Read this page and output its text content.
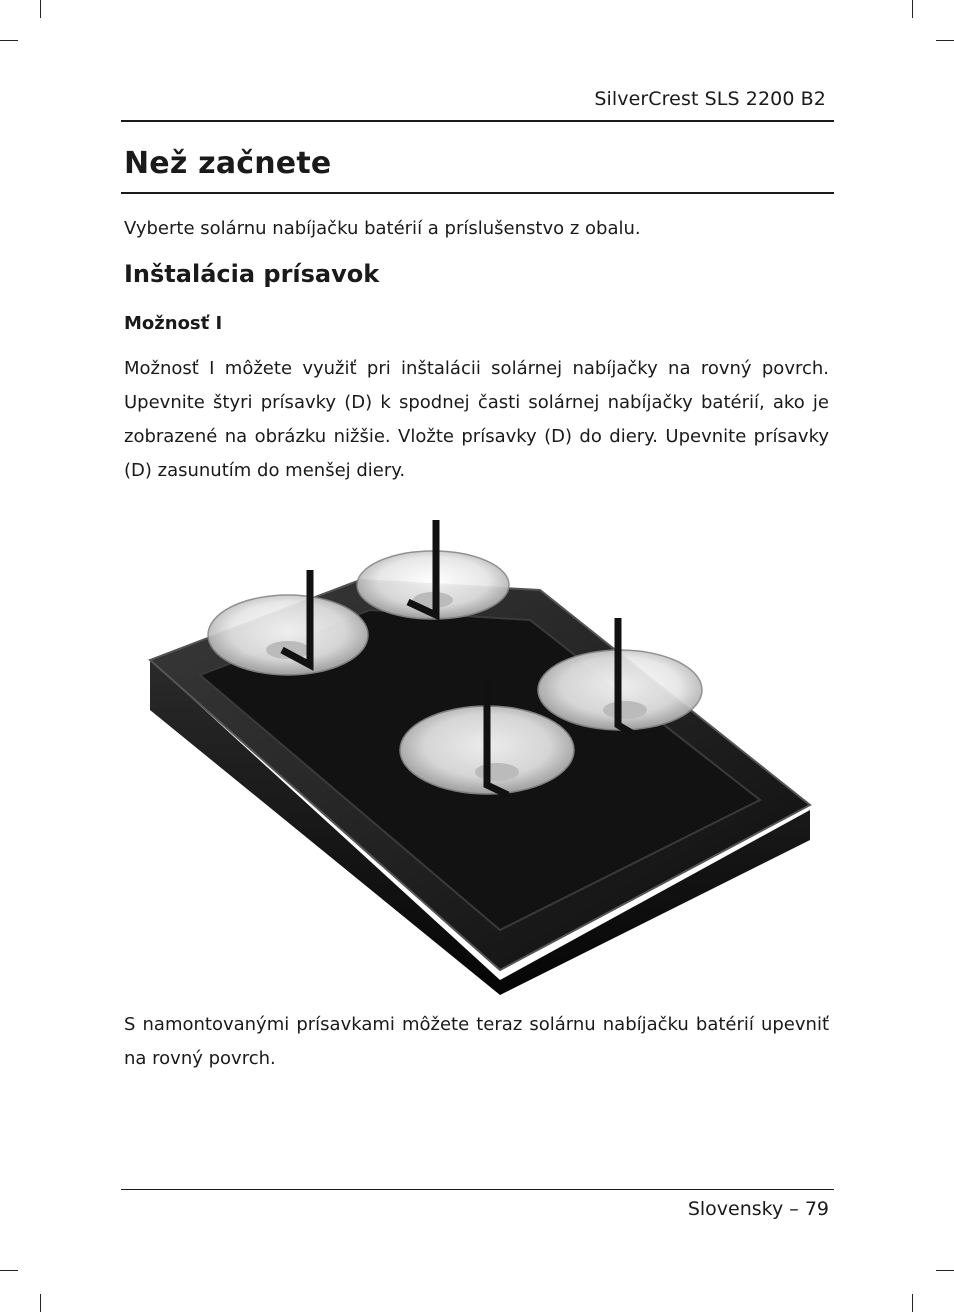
SilverCrest SLS 2200 B2
Než začnete

Vyberte solárnu nabíjačku batérií a príslušenstvo z obalu.

Inštalácia prísavok
Možnosť I

Možnosť I môžete využiť pri inštalácii solárnej nabíjačky na rovný povrch. Upevnite štyri prísavky (D) k spodnej časti solárnej nabíjačky batérií, ako je zobrazené na obrázku nižšie. Vložte prísavky (D) do diery. Upevnite prísavky (D) zasunutím do menšej diery.

S namontovanými prísavkami môžete teraz solárnu nabíjačku batérií upevniť na rovný povrch.

Slovensky – 79
